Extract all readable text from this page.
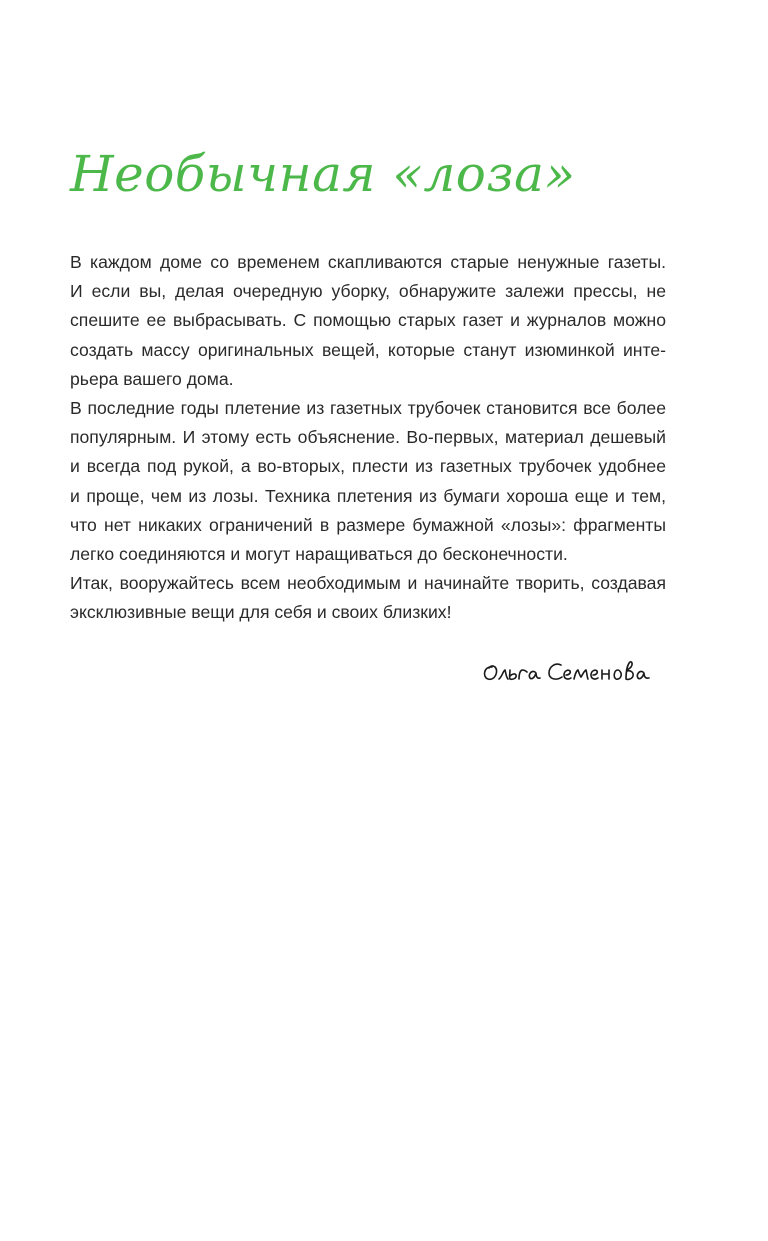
Необычная «лоза»
В каждом доме со временем скапливаются старые ненужные газеты.
И если вы, делая очередную уборку, обнаружите залежи прессы, не
спешите ее выбрасывать. С помощью старых газет и журналов можно
создать массу оригинальных вещей, которые станут изюминкой инте-
рьера вашего дома.
В последние годы плетение из газетных трубочек становится все более
популярным. И этому есть объяснение. Во-первых, материал дешевый
и всегда под рукой, а во-вторых, плести из газетных трубочек удобнее
и проще, чем из лозы. Техника плетения из бумаги хороша еще и тем,
что нет никаких ограничений в размере бумажной «лозы»: фрагменты
легко соединяются и могут наращиваться до бесконечности.
Итак, вооружайтесь всем необходимым и начинайте творить, создавая
эксклюзивные вещи для себя и своих близких!
